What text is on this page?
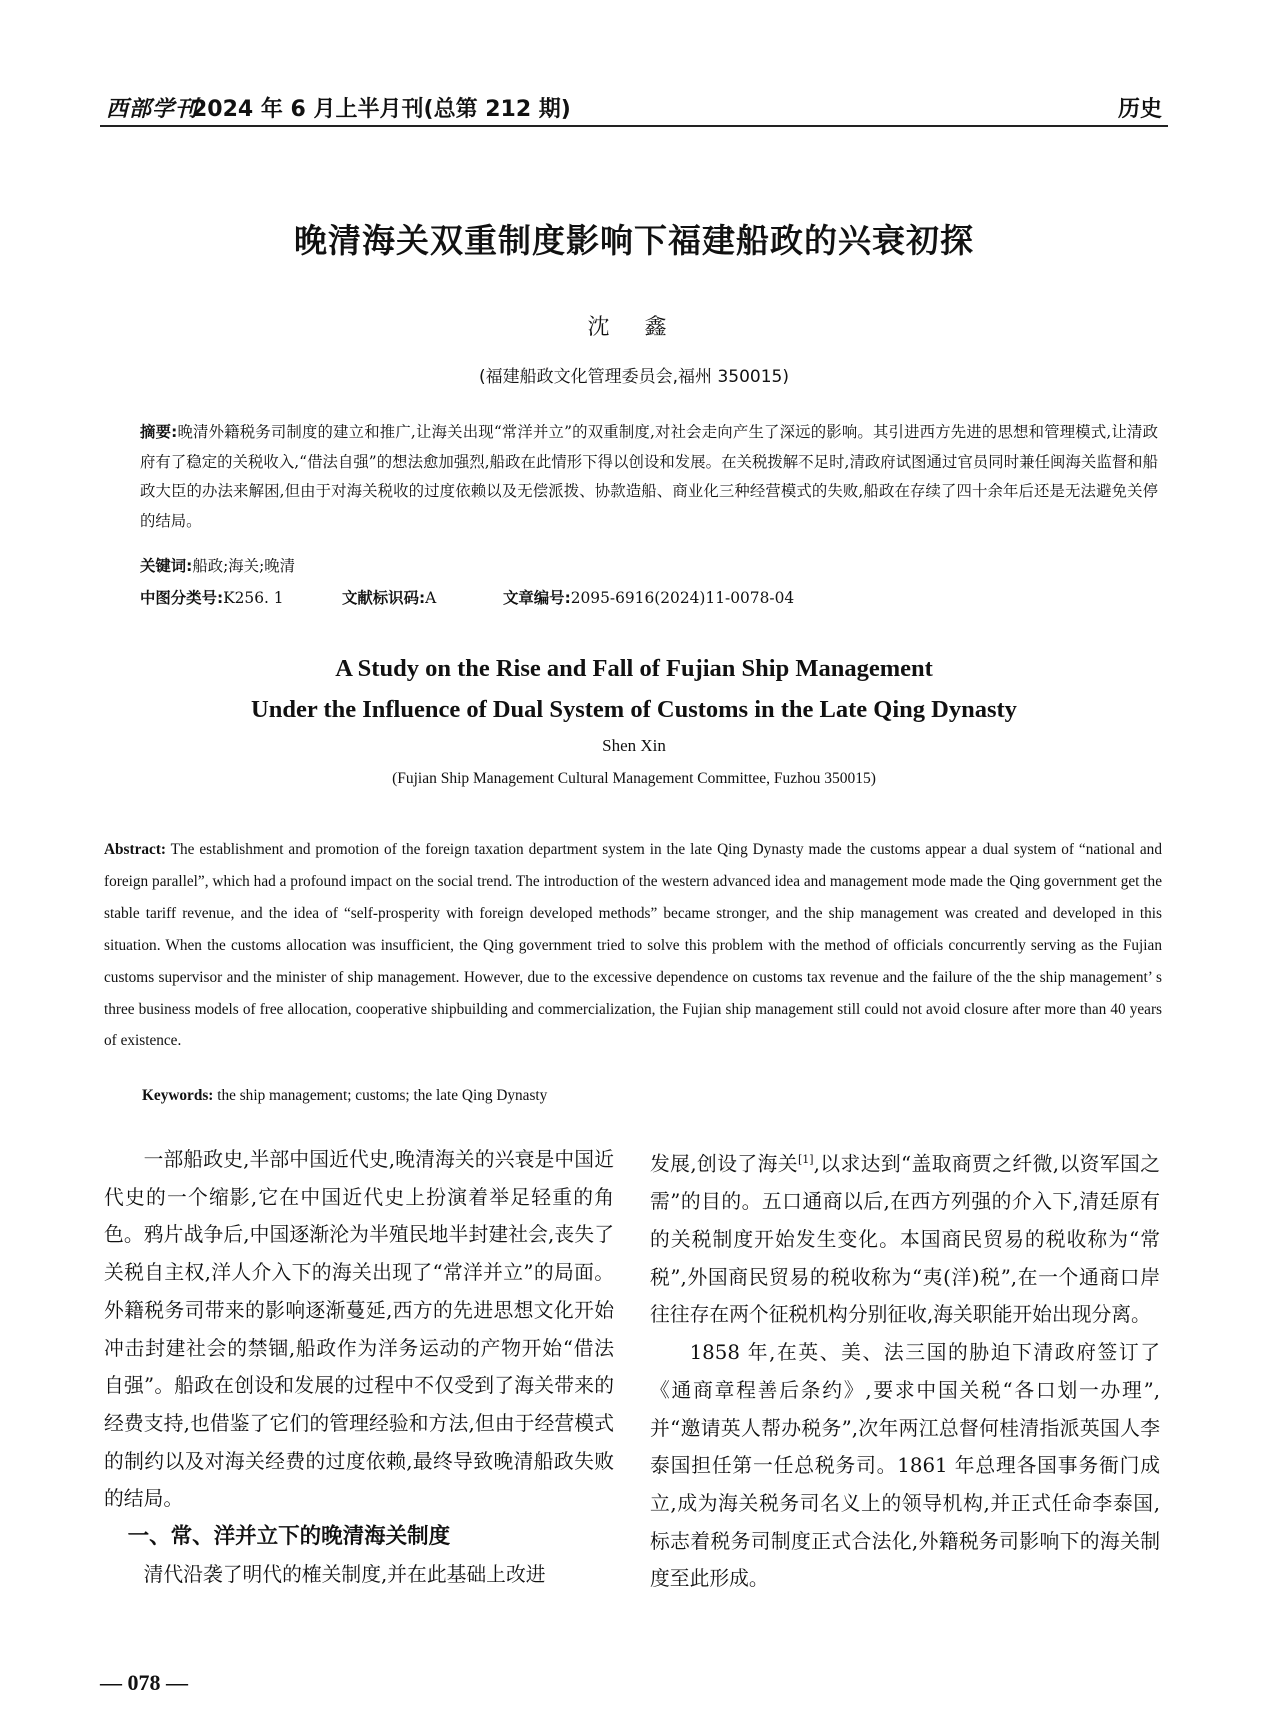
西部学刊
2024 年 6 月上半月刊(总第 212 期)	历史
晚清海关双重制度影响下福建船政的兴衰初探
沈 鑫
(福建船政文化管理委员会,福州 350015)
摘要:晚清外籍税务司制度的建立和推广,让海关出现“常洋并立”的双重制度,对社会走向产生了深远的影响。其引进西方先进的思想和管理模式,让清政府有了稳定的关税收入,“借法自强”的想法愈加强烈,船政在此情形下得以创设和发展。在关税拨解不足时,清政府试图通过官员同时兼任闽海关监督和船政大臣的办法来解困,但由于对海关税收的过度依赖以及无偿派拨、协款造船、商业化三种经营模式的失败,船政在存续了四十余年后还是无法避免关停的结局。
关键词:船政;海关;晚清
中图分类号:K256. 1	文献标识码:A	文章编号:2095-6916(2024)11-0078-04
A Study on the Rise and Fall of Fujian Ship Management
Under the Influence of Dual System of Customs in the Late Qing Dynasty
Shen Xin
(Fujian Ship Management Cultural Management Committee, Fuzhou 350015)
Abstract: The establishment and promotion of the foreign taxation department system in the late Qing Dynasty made the customs appear a dual system of “national and foreign parallel”, which had a profound impact on the social trend. The introduction of the western advanced idea and management mode made the Qing government get the stable tariff revenue, and the idea of “self-prosperity with foreign developed methods” became stronger, and the ship management was created and developed in this situation. When the customs allocation was insufficient, the Qing government tried to solve this problem with the method of officials concurrently serving as the Fujian customs supervisor and the minister of ship management. However, due to the excessive dependence on customs tax revenue and the failure of the the ship management’ s three business models of free allocation, cooperative shipbuilding and commercialization, the Fujian ship management still could not avoid closure after more than 40 years of existence.
Keywords: the ship management; customs; the late Qing Dynasty

一部船政史,半部中国近代史,晚清海关的兴衰是中国近代史的一个缩影,它在中国近代史上扮演着举足轻重的角色。鸦片战争后,中国逐渐沦为半殖民地半封建社会,丧失了关税自主权,洋人介入下的海关出现了“常洋并立”的局面。外籍税务司带来的影响逐渐蔓延,西方的先进思想文化开始冲击封建社会的禁锢,船政作为洋务运动的产物开始“借法自强”。船政在创设和发展的过程中不仅受到了海关带来的经费支持,也借鉴了它们的管理经验和方法,但由于经营模式的制约以及对海关经费的过度依赖,最终导致晚清船政失败的结局。

一、常、洋并立下的晚清海关制度

清代沿袭了明代的榷关制度,并在此基础上改进

发展,创设了海关[1],以求达到“盖取商贾之纤微,以资军国之需”的目的。五口通商以后,在西方列强的介入下,清廷原有的关税制度开始发生变化。本国商民贸易的税收称为“常税”,外国商民贸易的税收称为“夷(洋)税”,在一个通商口岸往往存在两个征税机构分别征收,海关职能开始出现分离。

1858 年,在英、美、法三国的胁迫下清政府签订了《通商章程善后条约》,要求中国关税“各口划一办理”,并“邀请英人帮办税务”,次年两江总督何桂清指派英国人李泰国担任第一任总税务司。1861 年总理各国事务衙门成立,成为海关税务司名义上的领导机构,并正式任命李泰国,标志着税务司制度正式合法化,外籍税务司影响下的海关制度至此形成。

— 078 —
